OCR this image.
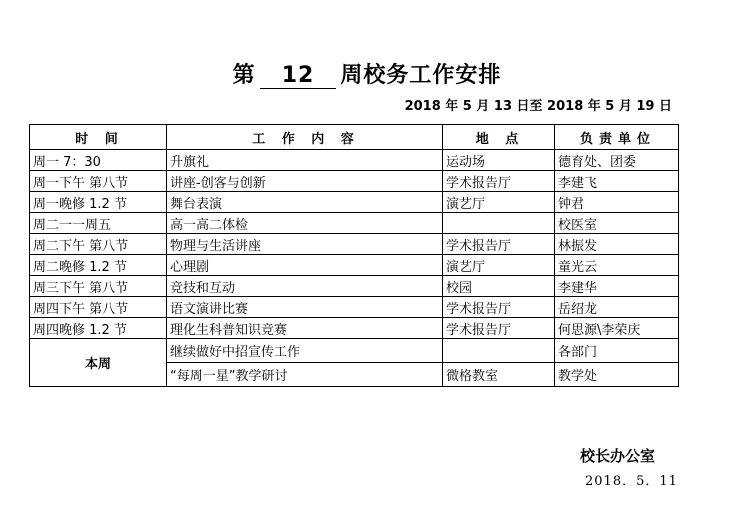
第 12 周校务工作安排
2018 年 5 月 13 日至 2018 年 5 月 19 日
时 间	工 作 内 容	地 点	负责单位
周一 7：30	升旗礼	运动场	德育处、团委
周一下午 第八节	讲座-创客与创新	学术报告厅	李建飞
周一晚修 1.2 节	舞台表演	演艺厅	钟君
周二一一周五	高一高二体检		校医室
周二下午 第八节	物理与生活讲座	学术报告厅	林振发
周二晚修 1.2 节	心理剧	演艺厅	童光云
周三下午 第八节	竞技和互动	校园	李建华
周四下午 第八节	语文演讲比赛	学术报告厅	岳绍龙
周四晚修 1.2 节	理化生科普知识竞赛	学术报告厅	何思源\李荣庆
本周	继续做好中招宣传工作		各部门
	“每周一星”教学研讨	微格教室	教学处
校长办公室
2018．5．11
